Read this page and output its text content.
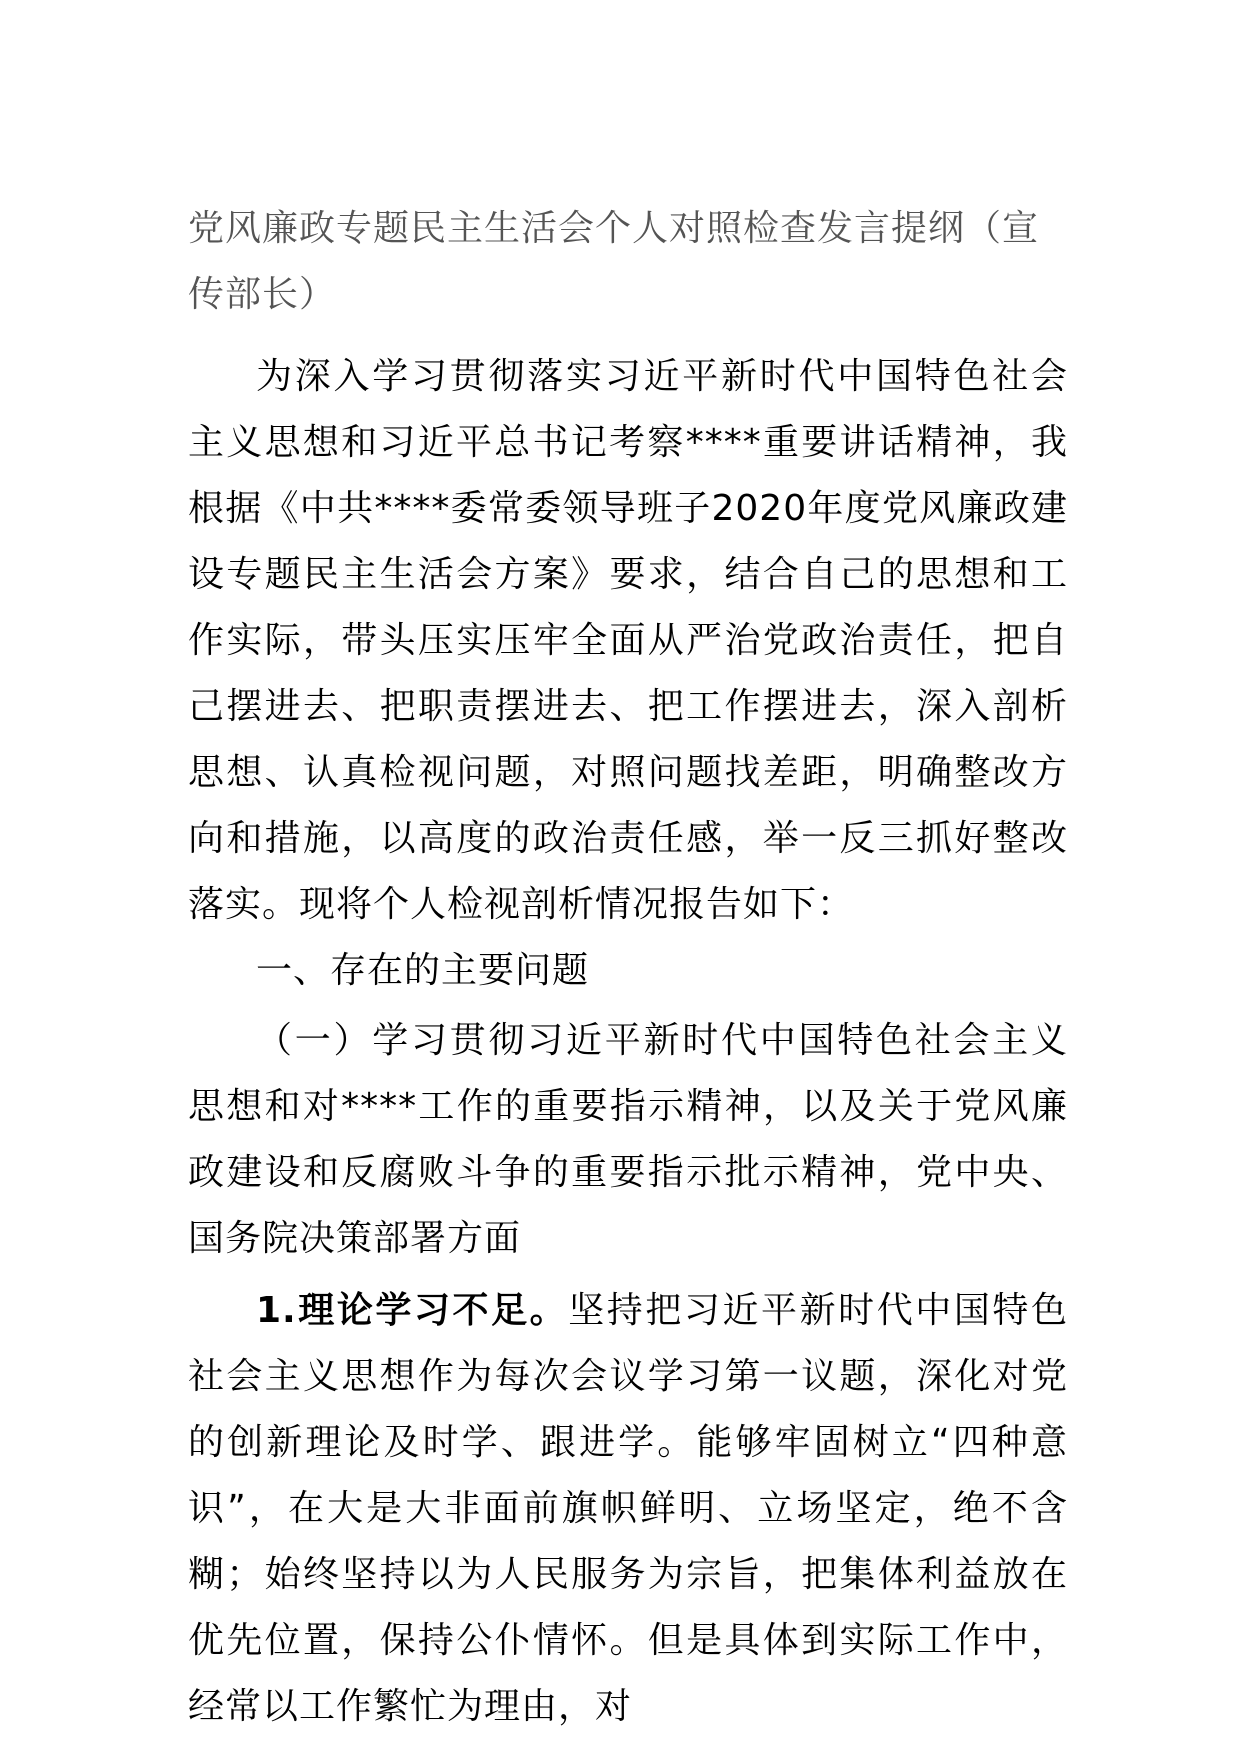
党风廉政专题民主生活会个人对照检查发言提纲（宣传部长）

为深入学习贯彻落实习近平新时代中国特色社会主义思想和习近平总书记考察****重要讲话精神，我根据《中共****委常委领导班子2020年度党风廉政建设专题民主生活会方案》要求，结合自己的思想和工作实际，带头压实压牢全面从严治党政治责任，把自己摆进去、把职责摆进去、把工作摆进去，深入剖析思想、认真检视问题，对照问题找差距，明确整改方向和措施，以高度的政治责任感，举一反三抓好整改落实。现将个人检视剖析情况报告如下：

一、存在的主要问题

（一）学习贯彻习近平新时代中国特色社会主义思想和对****工作的重要指示精神，以及关于党风廉政建设和反腐败斗争的重要指示批示精神，党中央、国务院决策部署方面

1.理论学习不足。坚持把习近平新时代中国特色社会主义思想作为每次会议学习第一议题，深化对党的创新理论及时学、跟进学。能够牢固树立“四种意识”，在大是大非面前旗帜鲜明、立场坚定，绝不含糊；始终坚持以为人民服务为宗旨，把集体利益放在优先位置，保持公仆情怀。但是具体到实际工作中，经常以工作繁忙为理由，对
